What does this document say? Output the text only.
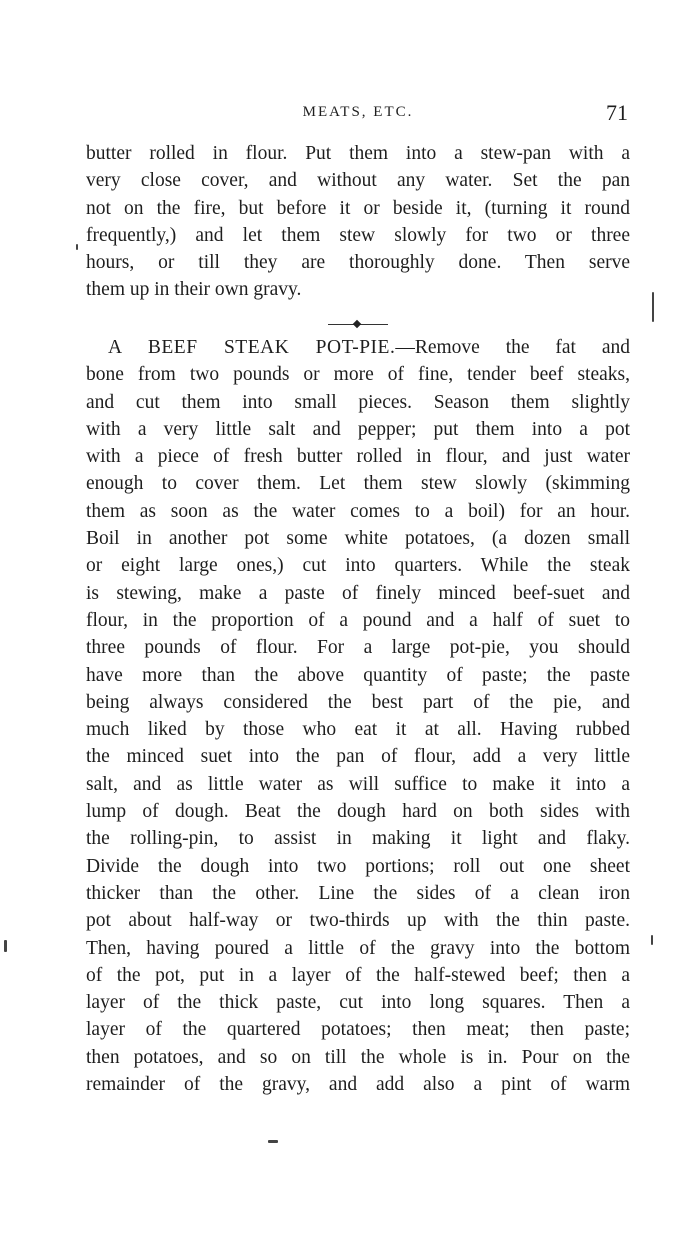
MEATS, ETC.	71
butter rolled in flour. Put them into a stew-pan with a
very close cover, and without any water. Set the pan
not on the fire, but before it or beside it, (turning it round
frequently,) and let them stew slowly for two or three
hours, or till they are thoroughly done. Then serve
them up in their own gravy.
A BEEF STEAK POT-PIE.—Remove the fat and
bone from two pounds or more of fine, tender beef steaks,
and cut them into small pieces. Season them slightly
with a very little salt and pepper; put them into a pot
with a piece of fresh butter rolled in flour, and just water
enough to cover them. Let them stew slowly (skimming
them as soon as the water comes to a boil) for an hour.
Boil in another pot some white potatoes, (a dozen small
or eight large ones,) cut into quarters. While the steak
is stewing, make a paste of finely minced beef-suet and
flour, in the proportion of a pound and a half of suet to
three pounds of flour. For a large pot-pie, you should
have more than the above quantity of paste; the paste
being always considered the best part of the pie, and
much liked by those who eat it at all. Having rubbed
the minced suet into the pan of flour, add a very little
salt, and as little water as will suffice to make it into a
lump of dough. Beat the dough hard on both sides with
the rolling-pin, to assist in making it light and flaky.
Divide the dough into two portions; roll out one sheet
thicker than the other. Line the sides of a clean iron
pot about half-way or two-thirds up with the thin paste.
Then, having poured a little of the gravy into the bottom
of the pot, put in a layer of the half-stewed beef; then a
layer of the thick paste, cut into long squares. Then a
layer of the quartered potatoes; then meat; then paste;
then potatoes, and so on till the whole is in. Pour on the
remainder of the gravy, and add also a pint of warm
